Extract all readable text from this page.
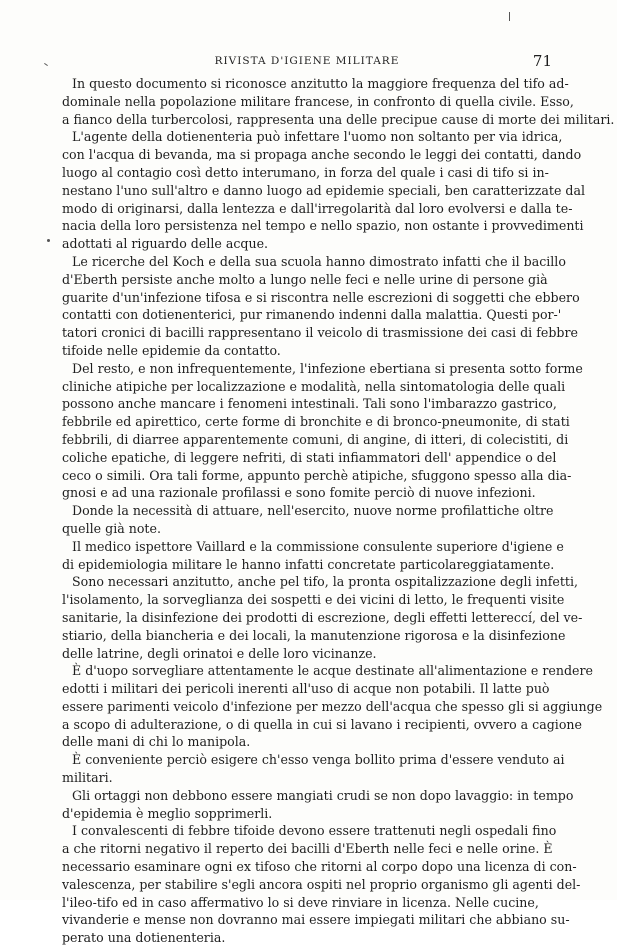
RIVISTA D'IGIENE MILITARE	71
In questo documento si riconosce anzitutto la maggiore frequenza del tifo ad-
dominale nella popolazione militare francese, in confronto di quella civile. Esso,
a fianco della turbercolosi, rappresenta una delle precipue cause di morte dei militari.
L'agente della dotienenteria può infettare l'uomo non soltanto per via idrica,
con l'acqua di bevanda, ma si propaga anche secondo le leggi dei contatti, dando
luogo al contagio così detto interumano, in forza del quale i casi di tifo si in-
nestano l'uno sull'altro e danno luogo ad epidemie speciali, ben caratterizzate dal
modo di originarsi, dalla lentezza e dall'irregolarità dal loro evolversi e dalla te-
nacia della loro persistenza nel tempo e nello spazio, non ostante i provvedimenti
adottati al riguardo delle acque.
Le ricerche del Koch e della sua scuola hanno dimostrato infatti che il bacillo
d'Eberth persiste anche molto a lungo nelle feci e nelle urine di persone già
guarite d'un'infezione tifosa e si riscontra nelle escrezioni di soggetti che ebbero
contatti con dotienenterici, pur rimanendo indenni dalla malattia. Questi por-'
tatori cronici di bacilli rappresentano il veicolo di trasmissione dei casi di febbre
tifoide nelle epidemie da contatto.
Del resto, e non infrequentemente, l'infezione ebertiana si presenta sotto forme
cliniche atipiche per localizzazione e modalità, nella sintomatologia delle quali
possono anche mancare i fenomeni intestinali. Tali sono l'imbarazzo gastrico,
febbrile ed apirettico, certe forme di bronchite e di bronco-pneumonite, di stati
febbrili, di diarree apparentemente comuni, di angine, di itteri, di colecistiti, di
coliche epatiche, di leggere nefriti, di stati infiammatori dell' appendice o del
ceco o simili. Ora tali forme, appunto perchè atipiche, sfuggono spesso alla dia-
gnosi e ad una razionale profilassi e sono fomite perciò di nuove infezioni.
Donde la necessità di attuare, nell'esercito, nuove norme profilattiche oltre
quelle già note.
Il medico ispettore Vaillard e la commissione consulente superiore d'igiene e
di epidemiologia militare le hanno infatti concretate particolareggiatamente.
Sono necessari anzitutto, anche pel tifo, la pronta ospitalizzazione degli infetti,
l'isolamento, la sorveglianza dei sospetti e dei vicini di letto, le frequenti visite
sanitarie, la disinfezione dei prodotti di escrezione, degli effetti lettereccí, del ve-
stiario, della biancheria e dei locali, la manutenzione rigorosa e la disinfezione
delle latrine, degli orinatoi e delle loro vicinanze.
È d'uopo sorvegliare attentamente le acque destinate all'alimentazione e rendere
edotti i militari dei pericoli inerenti all'uso di acque non potabili. Il latte può
essere parimenti veicolo d'infezione per mezzo dell'acqua che spesso gli si aggiunge
a scopo di adulterazione, o di quella in cui si lavano i recipienti, ovvero a cagione
delle mani di chi lo manipola.
È conveniente perciò esigere ch'esso venga bollito prima d'essere venduto ai
militari.
Gli ortaggi non debbono essere mangiati crudi se non dopo lavaggio: in tempo
d'epidemia è meglio sopprimerli.
I convalescenti di febbre tifoide devono essere trattenuti negli ospedali fino
a che ritorni negativo il reperto dei bacilli d'Eberth nelle feci e nelle orine. È
necessario esaminare ogni ex tifoso che ritorni al corpo dopo una licenza di con-
valescenza, per stabilire s'egli ancora ospiti nel proprio organismo gli agenti del-
l'ileo-tifo ed in caso affermativo lo si deve rinviare in licenza. Nelle cucine,
vivanderie e mense non dovranno mai essere impiegati militari che abbiano su-
perato una dotienenteria.
